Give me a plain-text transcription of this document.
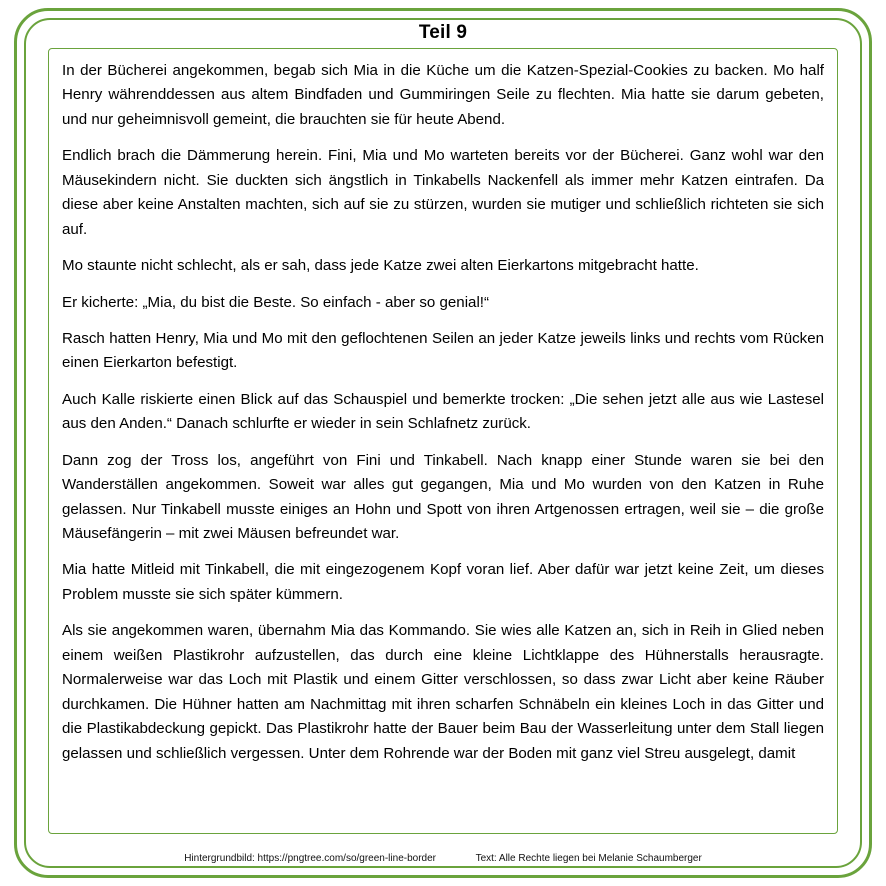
Teil 9

In der Bücherei angekommen, begab sich Mia in die Küche um die Katzen-Spezial-Cookies zu backen. Mo half Henry währenddessen aus altem Bindfaden und Gummiringen Seile zu flechten. Mia hatte sie darum gebeten, und nur geheimnisvoll gemeint, die brauchten sie für heute Abend.

Endlich brach die Dämmerung herein. Fini, Mia und Mo warteten bereits vor der Bücherei. Ganz wohl war den Mäusekindern nicht. Sie duckten sich ängstlich in Tinkabells Nackenfell als immer mehr Katzen eintrafen. Da diese aber keine Anstalten machten, sich auf sie zu stürzen, wurden sie mutiger und schließlich richteten sie sich auf.

Mo staunte nicht schlecht, als er sah, dass jede Katze zwei alten Eierkartons mitgebracht hatte.

Er kicherte: „Mia, du bist die Beste. So einfach - aber so genial!“

Rasch hatten Henry, Mia und Mo mit den geflochtenen Seilen an jeder Katze jeweils links und rechts vom Rücken einen Eierkarton befestigt.

Auch Kalle riskierte einen Blick auf das Schauspiel und bemerkte trocken: „Die sehen jetzt alle aus wie Lastesel aus den Anden.“ Danach schlurfte er wieder in sein Schlafnetz zurück.

Dann zog der Tross los, angeführt von Fini und Tinkabell. Nach knapp einer Stunde waren sie bei den Wanderställen angekommen. Soweit war alles gut gegangen, Mia und Mo wurden von den Katzen in Ruhe gelassen. Nur Tinkabell musste einiges an Hohn und Spott von ihren Artgenossen ertragen, weil sie – die große Mäusefängerin – mit zwei Mäusen befreundet war.

Mia hatte Mitleid mit Tinkabell, die mit eingezogenem Kopf voran lief. Aber dafür war jetzt keine Zeit, um dieses Problem musste sie sich später kümmern.

Als sie angekommen waren, übernahm Mia das Kommando. Sie wies alle Katzen an, sich in Reih in Glied neben einem weißen Plastikrohr aufzustellen, das durch eine kleine Lichtklappe des Hühnerstalls herausragte. Normalerweise war das Loch mit Plastik und einem Gitter verschlossen, so dass zwar Licht aber keine Räuber durchkamen. Die Hühner hatten am Nachmittag mit ihren scharfen Schnäbeln ein kleines Loch in das Gitter und die Plastikabdeckung gepickt. Das Plastikrohr hatte der Bauer beim Bau der Wasserleitung unter dem Stall liegen gelassen und schließlich vergessen. Unter dem Rohrende war der Boden mit ganz viel Streu ausgelegt, damit

Hintergrundbild: https://pngtree.com/so/green-line-border	Text: Alle Rechte liegen bei Melanie Schaumberger
